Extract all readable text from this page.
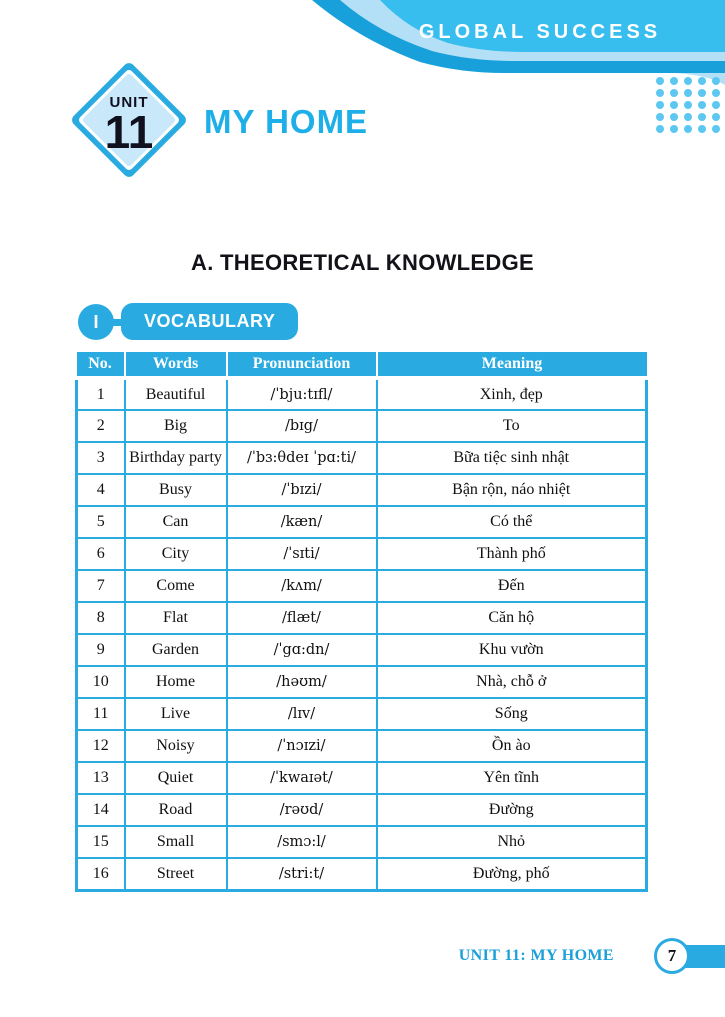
GLOBAL SUCCESS
UNIT
11 MY HOME
A. THEORETICAL KNOWLEDGE
I	VOCABULARY
No.	Words	Pronunciation	Meaning
1	Beautiful	/ˈbju:tɪfl/	Xinh, đẹp
2	Big	/bɪg/	To
3	Birthday party	/ˈbɜ:θdeɪ ˈpɑ:ti/	Bữa tiệc sinh nhật
4	Busy	/ˈbɪzi/	Bận rộn, náo nhiệt
5	Can	/kæn/	Có thể
6	City	/ˈsɪti/	Thành phố
7	Come	/kʌm/	Đến
8	Flat	/flæt/	Căn hộ
9	Garden	/ˈgɑ:dn/	Khu vườn
10	Home	/həʊm/	Nhà, chỗ ở
11	Live	/lɪv/	Sống
12	Noisy	/ˈnɔɪzi/	Ồn ào
13	Quiet	/ˈkwaɪət/	Yên tĩnh
14	Road	/rəʊd/	Đường
15	Small	/smɔ:l/	Nhỏ
16	Street	/stri:t/	Đường, phố
UNIT 11: MY HOME	7
